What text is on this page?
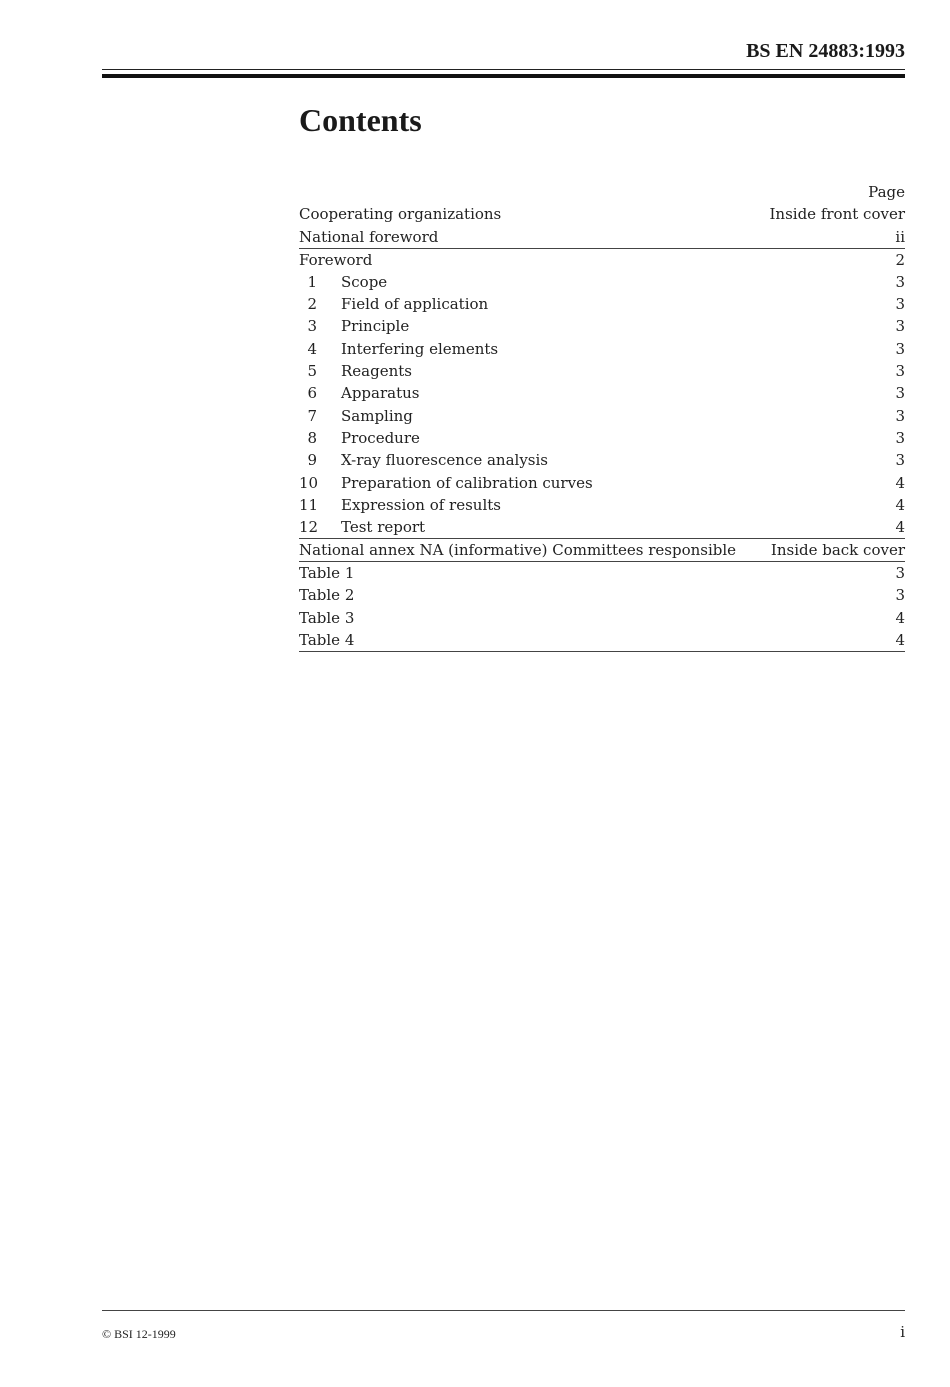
BS EN 24883:1993
Contents
Page
Cooperating organizations	Inside front cover
National foreword	ii
Foreword	2
1 Scope	3
2 Field of application	3
3 Principle	3
4 Interfering elements	3
5 Reagents	3
6 Apparatus	3
7 Sampling	3
8 Procedure	3
9 X-ray fluorescence analysis	3
10 Preparation of calibration curves	4
11 Expression of results	4
12 Test report	4
National annex NA (informative) Committees responsible	Inside back cover
Table 1	3
Table 2	3
Table 3	4
Table 4	4
© BSI 12-1999	i
